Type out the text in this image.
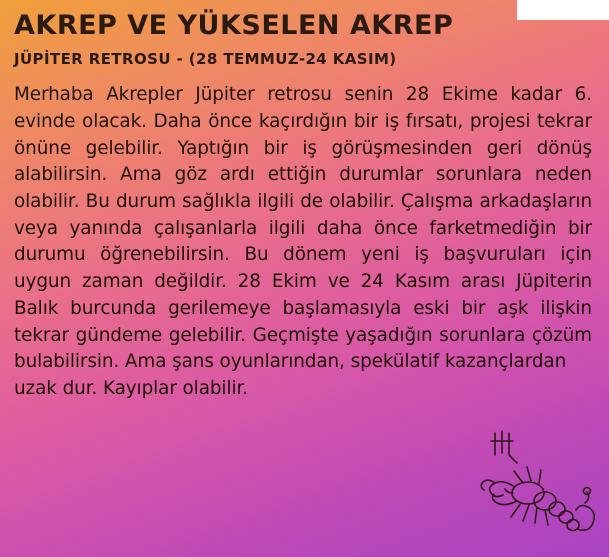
AKREP VE YÜKSELEN AKREP
JÜPİTER RETROSU - (28 TEMMUZ-24 KASIM)

Merhaba Akrepler Jüpiter retrosu senin 28 Ekime kadar 6. evinde olacak. Daha önce kaçırdığın bir iş fırsatı, projesi tekrar önüne gelebilir. Yaptığın bir iş görüşmesinden geri dönüş alabilirsin. Ama göz ardı ettiğin durumlar sorunlara neden olabilir. Bu durum sağlıkla ilgili de olabilir. Çalışma arkadaşların veya yanında çalışanlarla ilgili daha önce farketmediğin bir durumu öğrenebilirsin. Bu dönem yeni iş başvuruları için uygun zaman değildir. 28 Ekim ve 24 Kasım arası Jüpiterin Balık burcunda gerilemeye başlamasıyla eski bir aşk ilişkin tekrar gündeme gelebilir. Geçmişte yaşadığın sorunlara çözüm bulabilirsin. Ama şans oyunlarından, spekülatif kazançlardan
uzak dur. Kayıplar olabilir.
